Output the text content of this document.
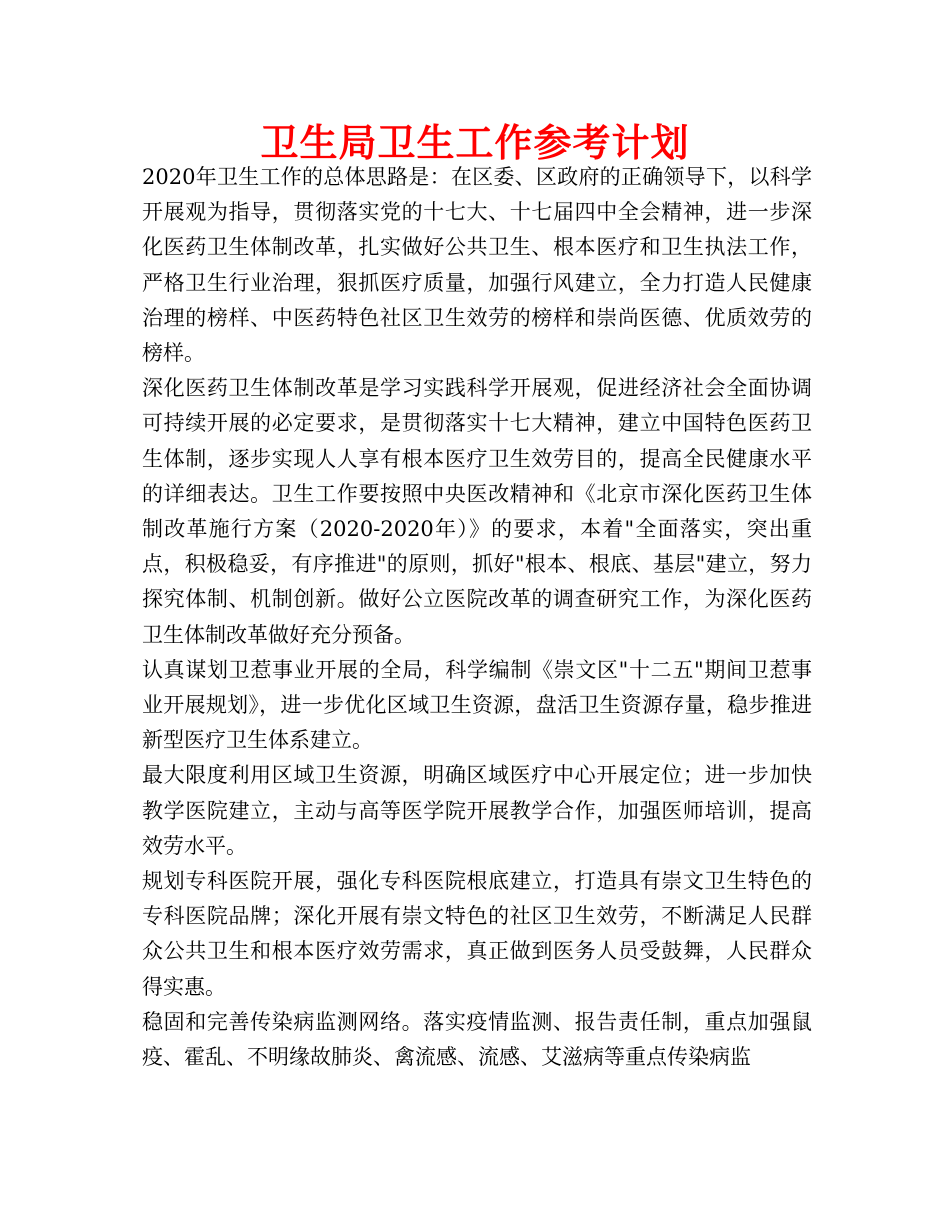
卫生局卫生工作参考计划

2020年卫生工作的总体思路是：在区委、区政府的正确领导下，以科学开展观为指导，贯彻落实党的十七大、十七届四中全会精神，进一步深化医药卫生体制改革，扎实做好公共卫生、根本医疗和卫生执法工作，严格卫生行业治理，狠抓医疗质量，加强行风建立，全力打造人民健康治理的榜样、中医药特色社区卫生效劳的榜样和崇尚医德、优质效劳的榜样。

深化医药卫生体制改革是学习实践科学开展观，促进经济社会全面协调可持续开展的必定要求，是贯彻落实十七大精神，建立中国特色医药卫生体制，逐步实现人人享有根本医疗卫生效劳目的，提高全民健康水平的详细表达。卫生工作要按照中央医改精神和《北京市深化医药卫生体制改革施行方案（2020-2020年）》的要求，本着"全面落实，突出重点，积极稳妥，有序推进"的原则，抓好"根本、根底、基层"建立，努力探究体制、机制创新。做好公立医院改革的调查研究工作，为深化医药卫生体制改革做好充分预备。

认真谋划卫惹事业开展的全局，科学编制《崇文区"十二五"期间卫惹事业开展规划》，进一步优化区域卫生资源，盘活卫生资源存量，稳步推进新型医疗卫生体系建立。

最大限度利用区域卫生资源，明确区域医疗中心开展定位；进一步加快教学医院建立，主动与高等医学院开展教学合作，加强医师培训，提高效劳水平。

规划专科医院开展，强化专科医院根底建立，打造具有崇文卫生特色的专科医院品牌；深化开展有崇文特色的社区卫生效劳，不断满足人民群众公共卫生和根本医疗效劳需求，真正做到医务人员受鼓舞，人民群众得实惠。

稳固和完善传染病监测网络。落实疫情监测、报告责任制，重点加强鼠疫、霍乱、不明缘故肺炎、禽流感、流感、艾滋病等重点传染病监
